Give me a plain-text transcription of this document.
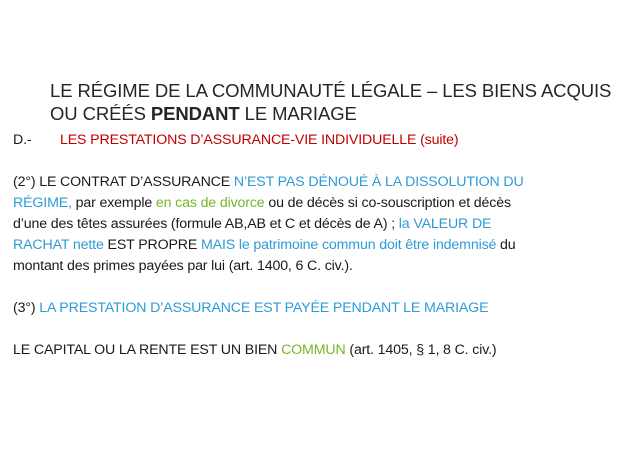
LE RÉGIME DE LA COMMUNAUTÉ LÉGALE – LES BIENS ACQUIS
OU CRÉÉS PENDANT LE MARIAGE
D.- LES PRESTATIONS D’ASSURANCE-VIE INDIVIDUELLE (suite)
(2°) LE CONTRAT D’ASSURANCE N’EST PAS DÉNOUÉ À LA DISSOLUTION DU
RÉGIME, par exemple en cas de divorce ou de décès si co-souscription et décès
d’une des têtes assurées (formule AB,AB et C et décès de A) ; la VALEUR DE
RACHAT nette EST PROPRE MAIS le patrimoine commun doit être indemnisé du
montant des primes payées par lui (art. 1400, 6 C. civ.).
(3°) LA PRESTATION D’ASSURANCE EST PAYÉE PENDANT LE MARIAGE
LE CAPITAL OU LA RENTE EST UN BIEN COMMUN (art. 1405, § 1, 8 C. civ.)
